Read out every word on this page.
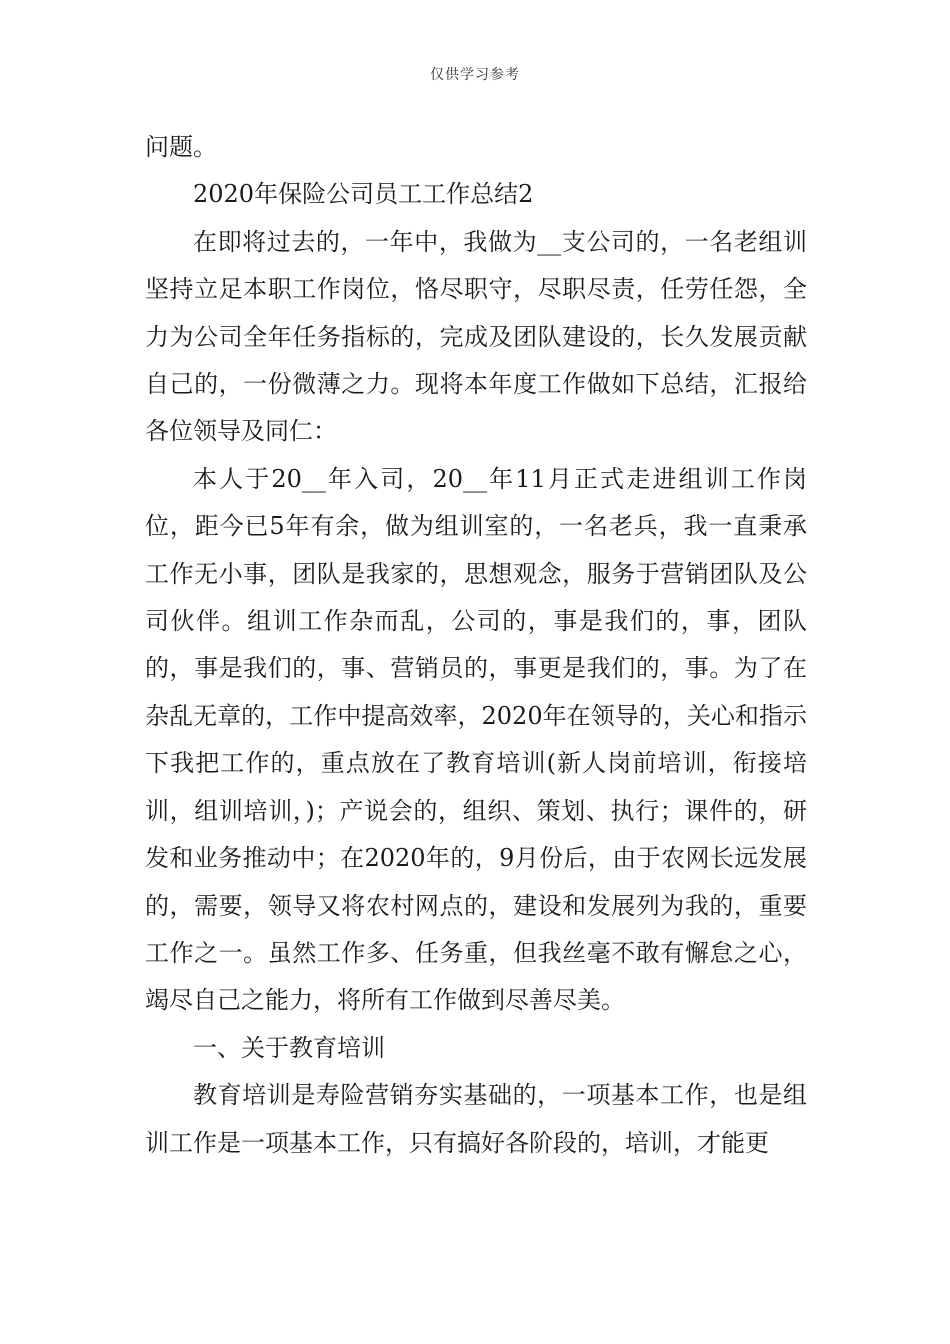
仅供学习参考

问题。

2020年保险公司员工工作总结2

在即将过去的，一年中，我做为__支公司的，一名老组训坚持立足本职工作岗位，恪尽职守，尽职尽责，任劳任怨，全力为公司全年任务指标的，完成及团队建设的，长久发展贡献自己的，一份微薄之力。现将本年度工作做如下总结，汇报给各位领导及同仁：

本人于20__年入司，20__年11月正式走进组训工作岗位，距今已5年有余，做为组训室的，一名老兵，我一直秉承工作无小事，团队是我家的，思想观念，服务于营销团队及公司伙伴。组训工作杂而乱，公司的，事是我们的，事，团队的，事是我们的，事、营销员的，事更是我们的，事。为了在杂乱无章的，工作中提高效率，2020年在领导的，关心和指示下我把工作的，重点放在了教育培训(新人岗前培训，衔接培训，组训培训，)；产说会的，组织、策划、执行；课件的，研发和业务推动中；在2020年的，9月份后，由于农网长远发展的，需要，领导又将农村网点的，建设和发展列为我的，重要工作之一。虽然工作多、任务重，但我丝毫不敢有懈怠之心，竭尽自己之能力，将所有工作做到尽善尽美。

一、关于教育培训

教育培训是寿险营销夯实基础的，一项基本工作，也是组训工作是一项基本工作，只有搞好各阶段的，培训，才能更
